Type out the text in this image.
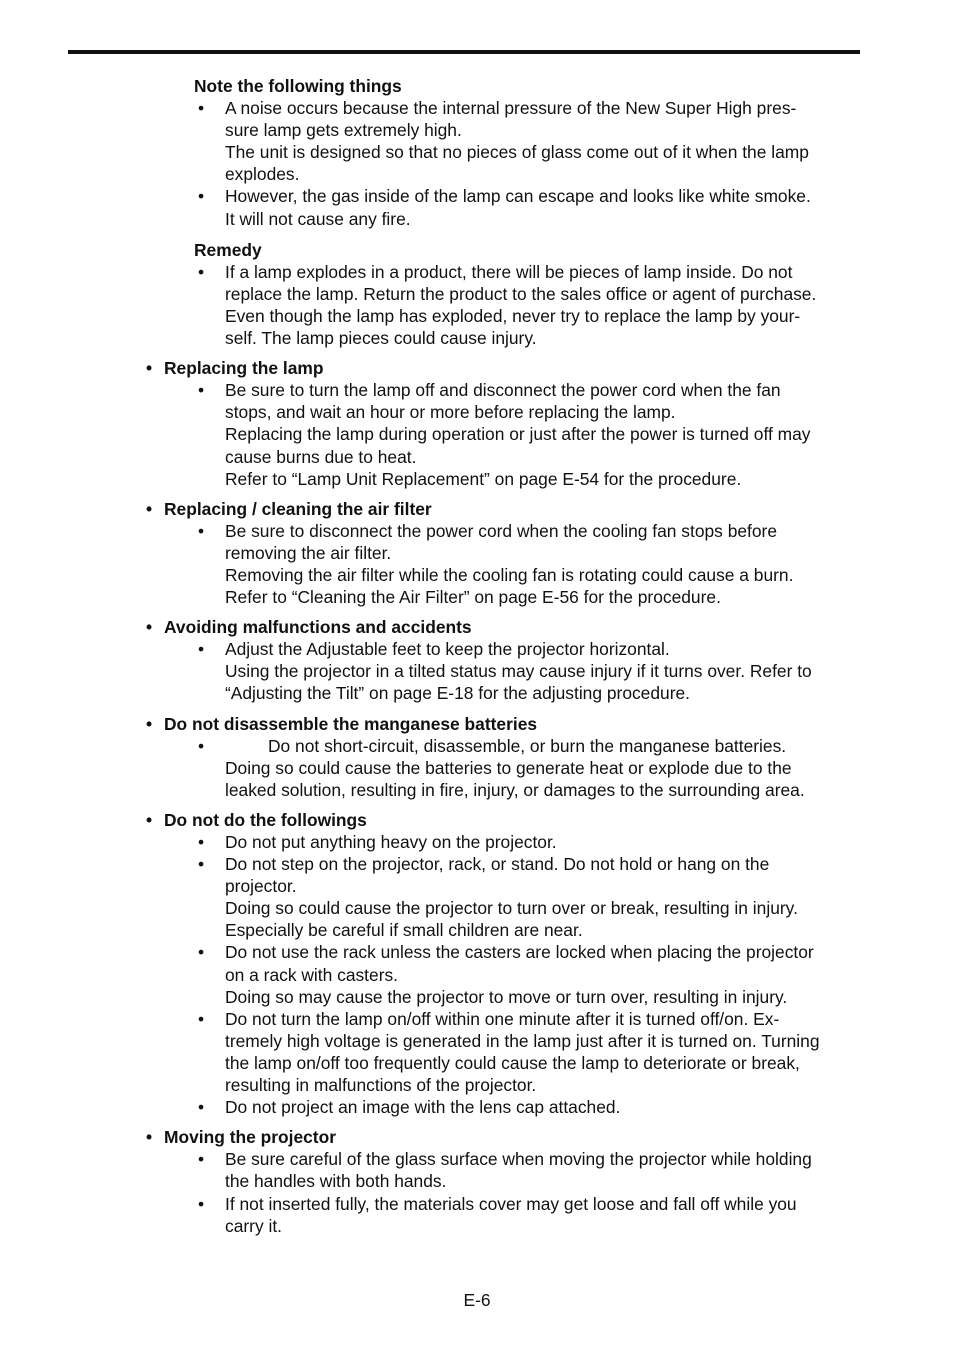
Note the following things
• A noise occurs because the internal pressure of the New Super High pres-
sure lamp gets extremely high.
The unit is designed so that no pieces of glass come out of it when the lamp
explodes.
• However, the gas inside of the lamp can escape and looks like white smoke.
It will not cause any fire.
Remedy
• If a lamp explodes in a product, there will be pieces of lamp inside. Do not
replace the lamp. Return the product to the sales office or agent of purchase.
Even though the lamp has exploded, never try to replace the lamp by your-
self. The lamp pieces could cause injury.
• Replacing the lamp
• Be sure to turn the lamp off and disconnect the power cord when the fan
stops, and wait an hour or more before replacing the lamp.
Replacing the lamp during operation or just after the power is turned off may
cause burns due to heat.
Refer to “Lamp Unit Replacement” on page E-54 for the procedure.
• Replacing / cleaning the air filter
• Be sure to disconnect the power cord when the cooling fan stops before
removing the air filter.
Removing the air filter while the cooling fan is rotating could cause a burn.
Refer to “Cleaning the Air Filter” on page E-56 for the procedure.
• Avoiding malfunctions and accidents
• Adjust the Adjustable feet to keep the projector horizontal.
Using the projector in a tilted status may cause injury if it turns over. Refer to
“Adjusting the Tilt” on page E-18 for the adjusting procedure.
• Do not disassemble the manganese batteries
•	Do not short-circuit, disassemble, or burn the manganese batteries.
Doing so could cause the batteries to generate heat or explode due to the
leaked solution, resulting in fire, injury, or damages to the surrounding area.
• Do not do the followings
• Do not put anything heavy on the projector.
• Do not step on the projector, rack, or stand. Do not hold or hang on the
projector.
Doing so could cause the projector to turn over or break, resulting in injury.
Especially be careful if small children are near.
• Do not use the rack unless the casters are locked when placing the projector
on a rack with casters.
Doing so may cause the projector to move or turn over, resulting in injury.
• Do not turn the lamp on/off within one minute after it is turned off/on. Ex-
tremely high voltage is generated in the lamp just after it is turned on. Turning
the lamp on/off too frequently could cause the lamp to deteriorate or break,
resulting in malfunctions of the projector.
• Do not project an image with the lens cap attached.
• Moving the projector
• Be sure careful of the glass surface when moving the projector while holding
the handles with both hands.
• If not inserted fully, the materials cover may get loose and fall off while you
carry it.
E-6
